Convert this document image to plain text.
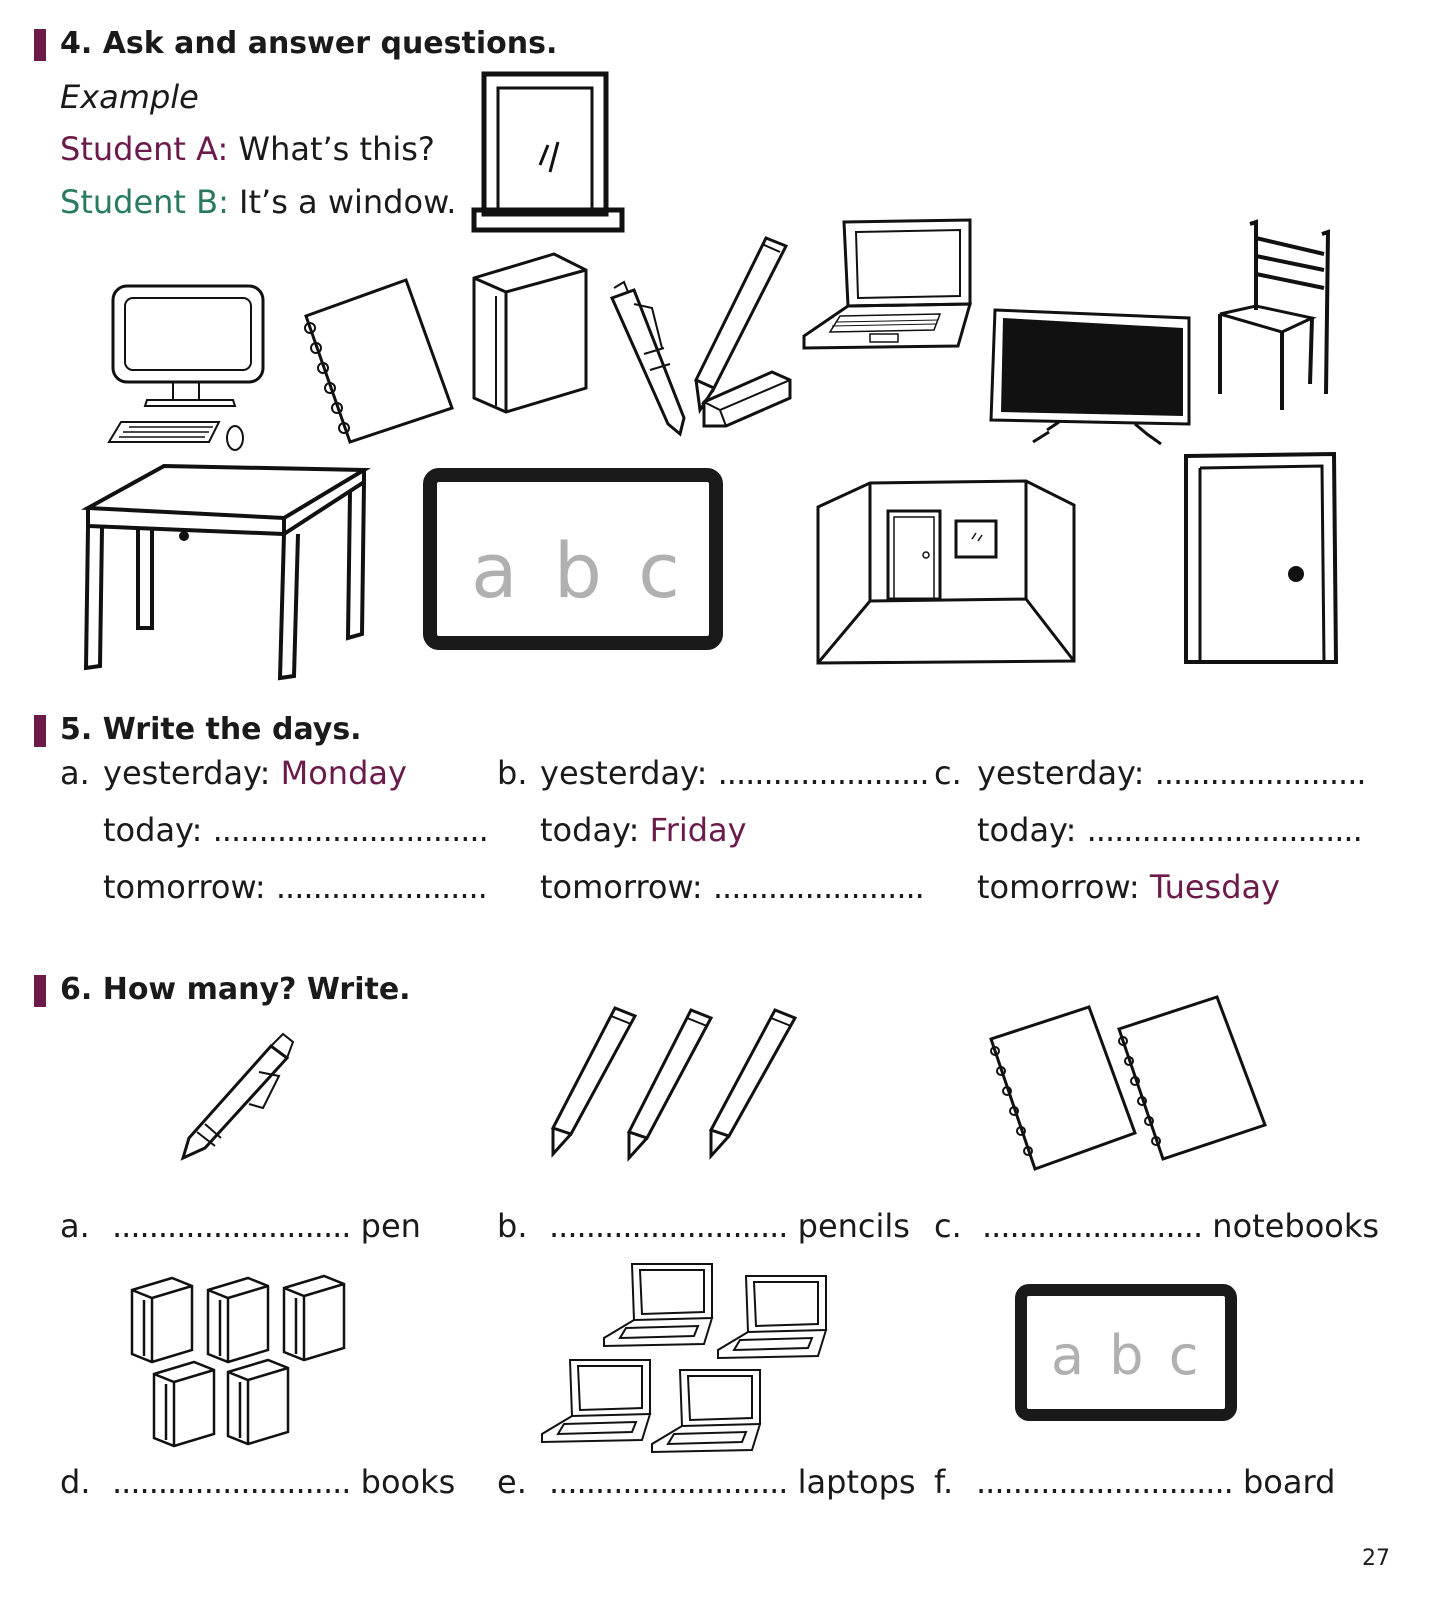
4. Ask and answer questions.
Example
Student A: What’s this?
Student B: It’s a window.
a b c
5. Write the days.
a. yesterday: Monday
today: ..............................
tomorrow: .......................
b. yesterday: .......................
today: Friday
tomorrow: .......................
c. yesterday: .......................
today: ..............................
tomorrow: Tuesday
6. How many? Write.
a. .......................... pen b. .......................... pencils c. ........................ notebooks
a b c
d. .......................... books e. .......................... laptops f. ............................ board
27
